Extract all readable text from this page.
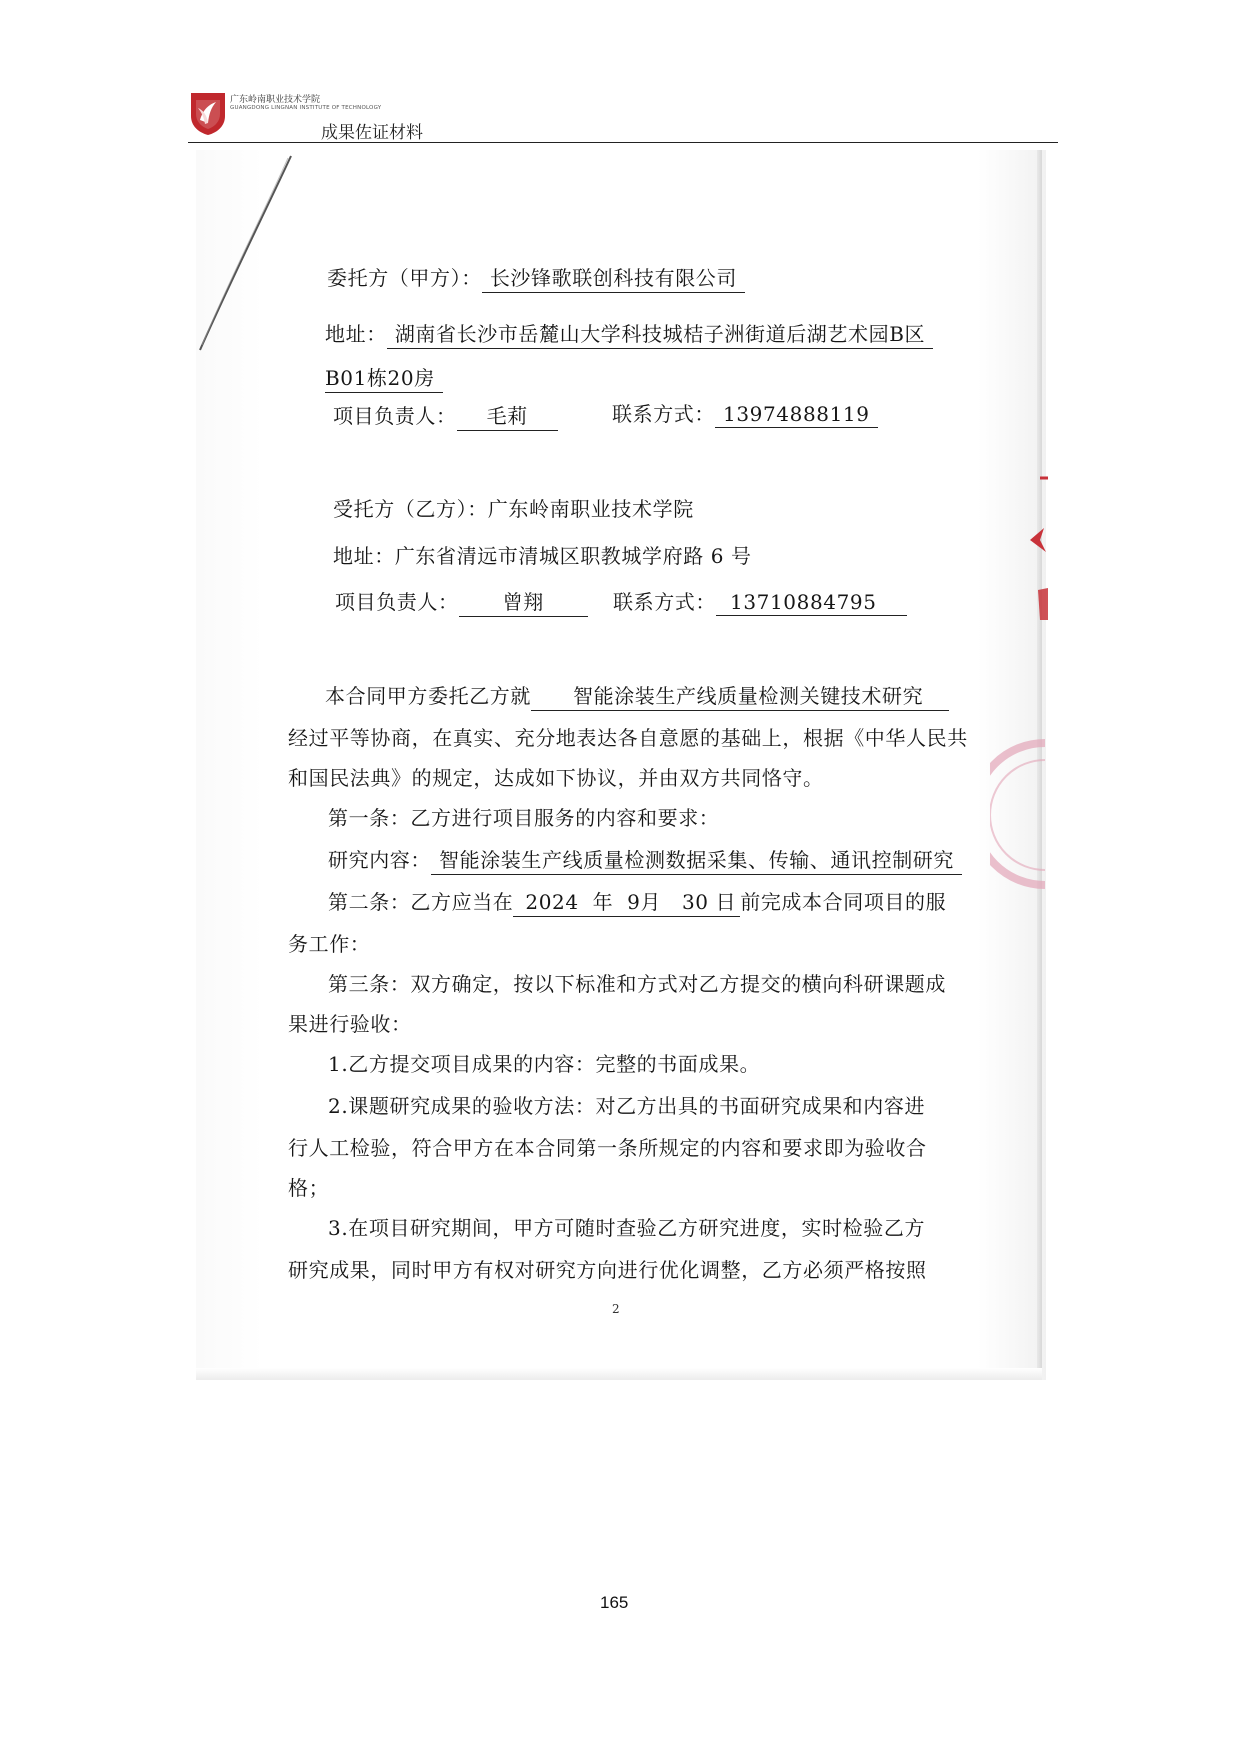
广东岭南职业技术学院
GUANGDONG LINGNAN INSTITUTE OF TECHNOLOGY
成果佐证材料
委托方（甲方）： 长沙锋歌联创科技有限公司
地址： 湖南省长沙市岳麓山大学科技城桔子洲街道后湖艺术园B区
B01栋20房
项目负责人： 毛莉	联系方式： 13974888119
受托方（乙方）：广东岭南职业技术学院
地址：广东省清远市清城区职教城学府路 6 号
项目负责人： 曾翔	联系方式： 13710884795
本合同甲方委托乙方就 智能涂装生产线质量检测关键技术研究
经过平等协商，在真实、充分地表达各自意愿的基础上，根据《中华人民共
和国民法典》的规定，达成如下协议，并由双方共同恪守。
第一条：乙方进行项目服务的内容和要求：
研究内容： 智能涂装生产线质量检测数据采集、传输、通讯控制研究
第二条：乙方应当在 2024 年 9月 30 日 前完成本合同项目的服
务工作：
第三条：双方确定，按以下标准和方式对乙方提交的横向科研课题成
果进行验收：
1.乙方提交项目成果的内容：完整的书面成果。
2.课题研究成果的验收方法：对乙方出具的书面研究成果和内容进
行人工检验，符合甲方在本合同第一条所规定的内容和要求即为验收合
格；
3.在项目研究期间，甲方可随时查验乙方研究进度，实时检验乙方
研究成果，同时甲方有权对研究方向进行优化调整，乙方必须严格按照
2
165
